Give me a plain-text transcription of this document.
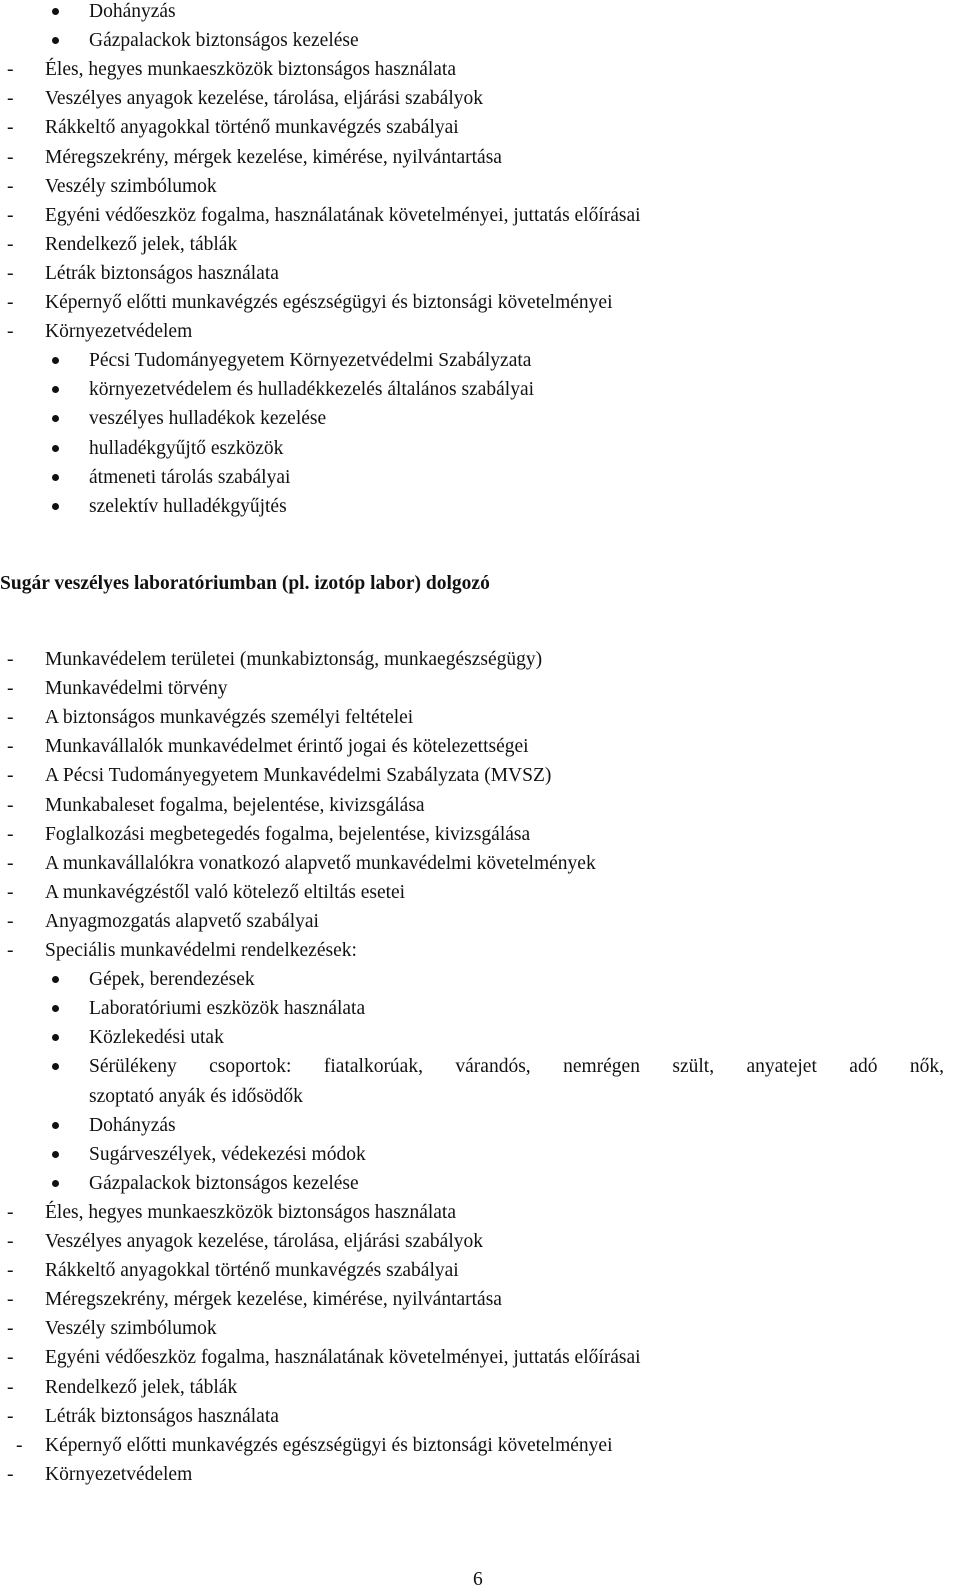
Dohányzás
Gázpalackok biztonságos kezelése
- Éles, hegyes munkaeszközök biztonságos használata
- Veszélyes anyagok kezelése, tárolása, eljárási szabályok
- Rákkeltő anyagokkal történő munkavégzés szabályai
- Méregszekrény, mérgek kezelése, kimérése, nyilvántartása
- Veszély szimbólumok
- Egyéni védőeszköz fogalma, használatának követelményei, juttatás előírásai
- Rendelkező jelek, táblák
- Létrák biztonságos használata
- Képernyő előtti munkavégzés egészségügyi és biztonsági követelményei
- Környezetvédelem
Pécsi Tudományegyetem Környezetvédelmi Szabályzata
környezetvédelem és hulladékkezelés általános szabályai
veszélyes hulladékok kezelése
hulladékgyűjtő eszközök
átmeneti tárolás szabályai
szelektív hulladékgyűjtés
- Munkavédelem területei (munkabiztonság, munkaegészségügy)
- Munkavédelmi törvény
- A biztonságos munkavégzés személyi feltételei
- Munkavállalók munkavédelmet érintő jogai és kötelezettségei
- A Pécsi Tudományegyetem Munkavédelmi Szabályzata (MVSZ)
- Munkabaleset fogalma, bejelentése, kivizsgálása
- Foglalkozási megbetegedés fogalma, bejelentése, kivizsgálása
- A munkavállalókra vonatkozó alapvető munkavédelmi követelmények
- A munkavégzéstől való kötelező eltiltás esetei
- Anyagmozgatás alapvető szabályai
- Speciális munkavédelmi rendelkezések:
Gépek, berendezések
Laboratóriumi eszközök használata
Közlekedési utak
Sérülékeny csoportok: fiatalkorúak, várandós, nemrégen szült, anyatejet adó nők,
szoptató anyák és idősödők
Dohányzás
Sugárveszélyek, védekezési módok
Gázpalackok biztonságos kezelése
- Éles, hegyes munkaeszközök biztonságos használata
- Veszélyes anyagok kezelése, tárolása, eljárási szabályok
- Rákkeltő anyagokkal történő munkavégzés szabályai
- Méregszekrény, mérgek kezelése, kimérése, nyilvántartása
- Veszély szimbólumok
- Egyéni védőeszköz fogalma, használatának követelményei, juttatás előírásai
- Rendelkező jelek, táblák
- Létrák biztonságos használata
- Képernyő előtti munkavégzés egészségügyi és biztonsági követelményei
- Környezetvédelem
Sugár veszélyes laboratóriumban (pl. izotóp labor) dolgozó
6
